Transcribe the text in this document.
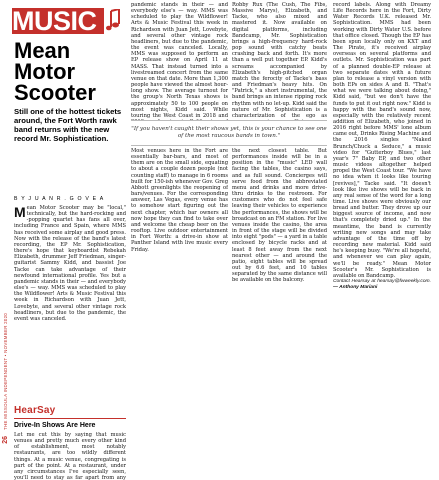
26
THE MISSOULA INDEPENDENT • NOVEMBER 2020
MUSIC
Mean Motor Scooter
Still one of the hottest tickets around, the Fort Worth rawk band returns with the new record Mr. Sophistication.
B Y J U A N R . G O V E A
M ean Motor Scooter may be "local," technically, but the hard-rocking and -popping quartet has fans all over, including France and Spain, where MMS has received some airplay and good press. Now with the release of the band's latest recording, the EP Mr. Sophistication, there's hope that keyboardist Rebekah Elizabeth, drummer Jeff Friedman, singer-guitarist Sammy Kidd, and bassist Joe Tacke can take advantage of their newfound international profile. Yes but a pandemic stands in their — and everybody else's — way. MMS was scheduled to play the Wildflower! Arts & Music Festival this week in Richardson with Juan Jett, Lovebyte, and several other vintage rock headliners, but due to the pandemic, the event was canceled.
pandemic stands in their — and everybody else's — way. MMS was scheduled to play the Wildflower! Arts & Music Festival this week in Richardson with Juan Jett, Lovebyte, and several other vintage rock headliners, but due to the pandemic, the event was canceled. Locally, MMS was supposed to perform an EP release show on April 11 at MASS. That instead turned into a livestreamed concert from the same venue on that date. More than 1,300 people have viewed the almost hour-long show. The average turnout for the group's North Texas shows is approximately 50 to 100 people on most nights, Kidd said. While touring the West Coast in 2018 and
Robby Rux (The Cush, The Fibs, Massive Marys), Elizabeth, and Tacke, who also mixed and mastered it. Now available on digital platforms, including Bandcamp, Mr. Sophistication brings a high-frequency hard-rock pop sound with catchy beats crashing back and forth. It's more than a well put together EP. Kidd's screams accompanied by Elizabeth's high-pitched organ match the ferocity of Tacke's bass and Friedman's heavy hits. On "Patrick," a short instrumental, the band brings an intense ripping rock rhythm with no let-up. Kidd said the nature of Mr. Sophistication is a characterization of the ego as

record labels. Along with Dreamy Life Records here in the Fort, Dirty Water Records U.K. released Mr. Sophistication. MMS had been working with Dirty Water U.S. before that office closed. Though the EP has been spun locally only on KXT and The Pirate, it's received airplay overseas on several platforms and outlets. Mr. Sophistication was part of a planned double-EP release at two separate dates with a future plan to release a vinyl version with both EPs on sides A and B. "That's what we were talking about doing," Kidd said, "but we don't have the funds to put it out right now." Kidd is happy with the band's sound now, especially with the relatively recent addition of Elizabeth, who joined in 2016 right before MMS' lone album came out, Drinks Rising Machine and the 2016 singles "Naked Brunch/Chuck a Seduce," a music video for "Gutterboy Blues," last year's 7" Baby EP, and two other music videos altogether helped propel the West Coast tour. "We have no idea when it looks like touring [revives]," Tacke said. "It doesn't look like live shows will be back in any real sense of the word for a long time. Live shows were obviously our bread and butter. They drove up our biggest source of income, and now that's completely dried up." In the meantime, the band is currently writing new songs and may take advantage of the time off by recording new material. Kidd said he's keeping busy. "We're all hopeful, and whenever we can play again, we'll be ready." Mean Motor Scooter's Mr. Sophistication is available on Bandcamp.

Contact Hearsay at hearsay@fwweekly.com. — Anthony Mariani

"If you haven't caught their shows yet, this is your chance to see one of the most raucous bands in town."
Most venues here in the Fort are essentially bar-bars, and most of them are on the small side, equating to about a couple dozen people (not counting staff) to manage in 6 rooms built for 150-ish whenever Gov. Greg Abbott greenlights the reopening of bars/venues. For the corresponding answer, Las Vegas, every venue has to somehow start figuring out the next chapter, which bar owners all now hope they can find to take over and welcome the cheap beer on the rooftop. Live outdoor entertainment in Fort Worth: a drive-in show at Panther Island with live music every Friday.
the next closest table. But performances inside will be in a position in the "music" LED wall facing the tables, the casino says, and as full sound. Concierges will serve food from the abbreviated menu and drinks and more drive-thru drinks to the restroom. For customers who do not feel safe leaving their vehicles to experience the performances, the shows will be broadcast on an FM station. For live venues inside the casino, the area in front of the stage will be divided into eight "pods" — a yard in a table enclosed by bicycle racks and at least 8 feet away from the next nearest other — and around the patio, eight tables will be spread out by 6.6 feet, and 10 tables separated by the same distance will be available on the balcony.
HearSay
Drive-In Shows Are Here
Let me cut this by saying that music venues and pretty much every other kind of establishment, most notably restaurants, are too wildly different things. At a music venue, congregating is part of the point. At a restaurant, under any circumstances I've especially seen, you'll need to stay as far apart from any
